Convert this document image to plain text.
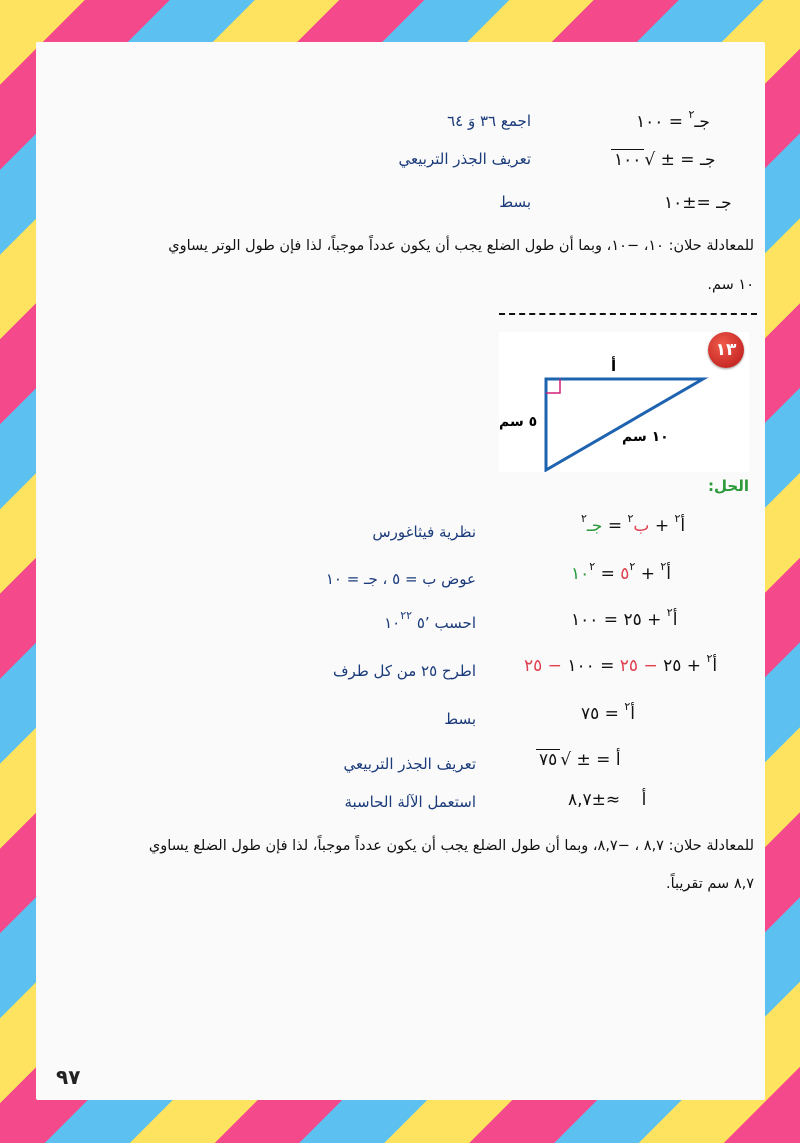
جـ$^٢$ = ١٠٠
اجمع ٣٦ وَ ٦٤
جـ = ± √١٠٠
تعريف الجذر التربيعي
جـ =±١٠
بسط
للمعادلة حلان: ١٠، −١٠، وبما أن طول الضلع يجب أن يكون عدداً موجباً، لذا فإن طول الوتر يساوي
١٠ سم.
أ
٥ سم
١٠ سم
١٣
الحل:
أ$^٢$ + ب$^٢$ = جـ$^٢$
نظرية فيثاغورس
أ$^٢$ + $٥^٢$ = $١٠^٢$
عوض ب = ٥ ، جـ = ١٠
أ$^٢$ + ٢٥ = ١٠٠
احسب ٥٬ $١٠^{٢٢}$
أ$^٢$ + ٢٥ − ٢٥ = ١٠٠ − ٢٥
اطرح ٢٥ من كل طرف
أ$^٢$ = ٧٥
بسط
أ = ± √٧٥
تعريف الجذر التربيعي
أ ≈±٨,٧
استعمل الآلة الحاسبة
للمعادلة حلان: ٨,٧ ، −٨,٧، وبما أن طول الضلع يجب أن يكون عدداً موجباً، لذا فإن طول الضلع يساوي
٨,٧ سم تقريباً.
٩٧
